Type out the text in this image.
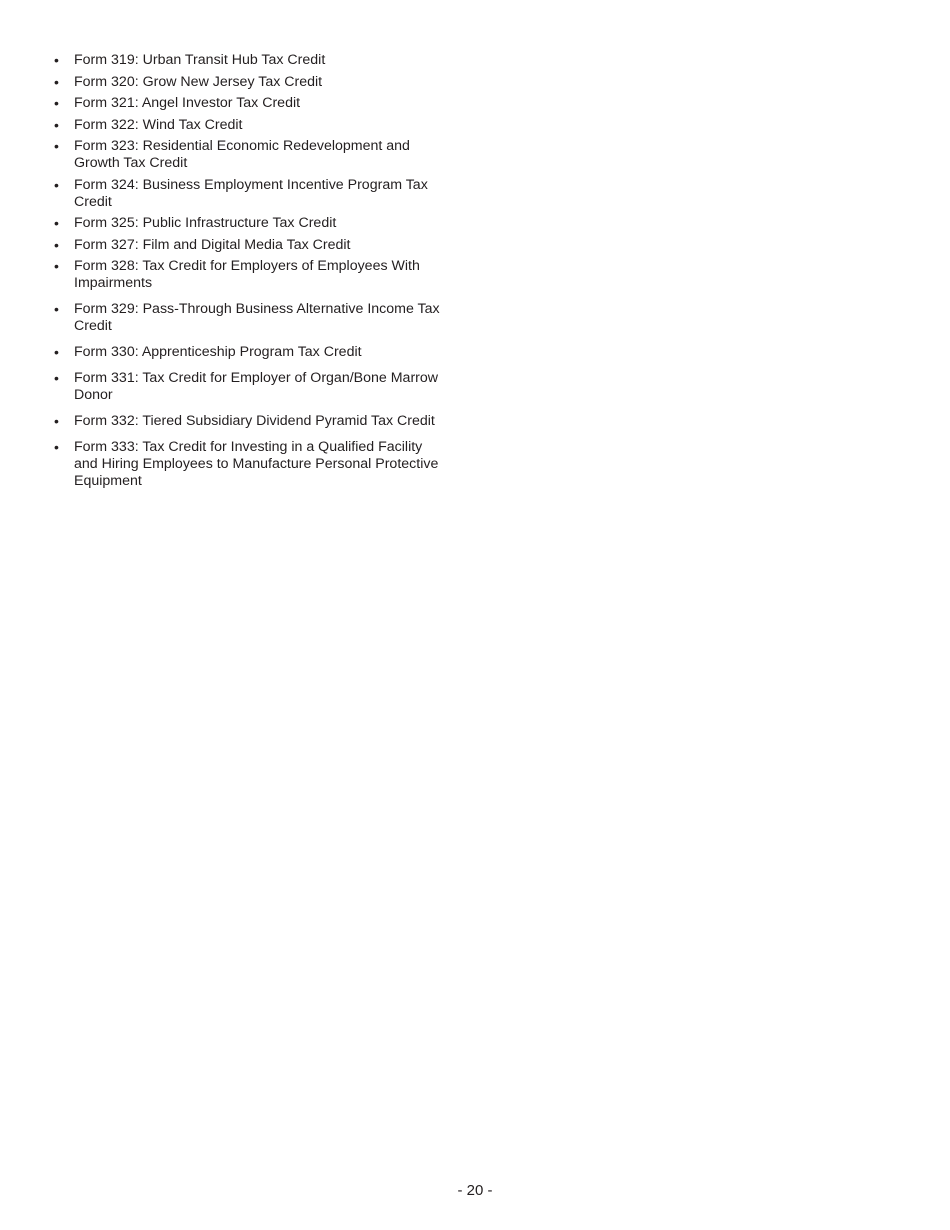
• Form 319: Urban Transit Hub Tax Credit
• Form 320: Grow New Jersey Tax Credit
• Form 321: Angel Investor Tax Credit
• Form 322: Wind Tax Credit
• Form 323: Residential Economic Redevelopment and Growth Tax Credit
• Form 324: Business Employment Incentive Program Tax Credit
• Form 325: Public Infrastructure Tax Credit
• Form 327: Film and Digital Media Tax Credit
• Form 328: Tax Credit for Employers of Employees With Impairments
• Form 329: Pass-Through Business Alternative Income Tax Credit
• Form 330: Apprenticeship Program Tax Credit
• Form 331: Tax Credit for Employer of Organ/Bone Marrow Donor
• Form 332: Tiered Subsidiary Dividend Pyramid Tax Credit
• Form 333: Tax Credit for Investing in a Qualified Facility and Hiring Employees to Manufacture Personal Protective Equipment
- 20 -
